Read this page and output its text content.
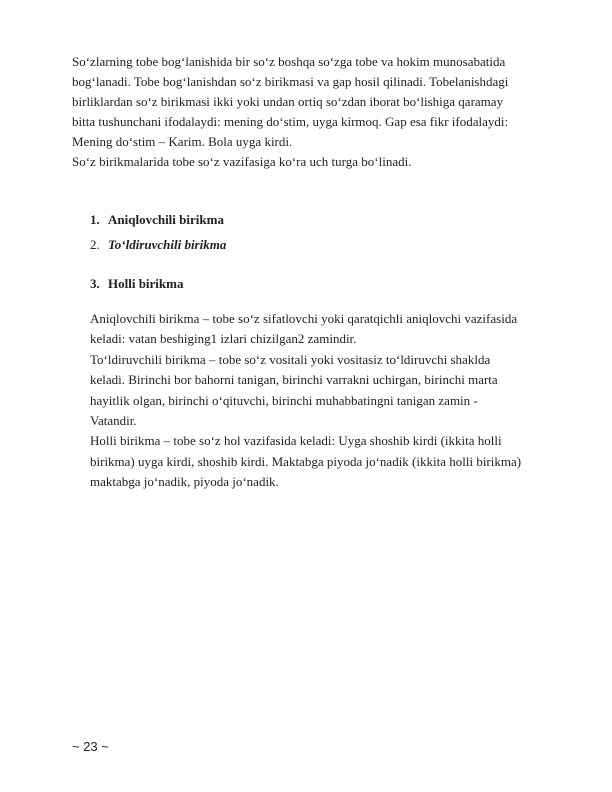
So‘zlarning tobe bog‘lanishida bir so‘z boshqa so‘zga tobe va hokim munosabatida
bog‘lanadi. Tobe bog‘lanishdan so‘z birikmasi va gap hosil qilinadi. Tobelanishdagi
birliklardan so‘z birikmasi ikki yoki undan ortiq so‘zdan iborat bo‘lishiga qaramay
bitta tushunchani ifodalaydi: mening do‘stim, uyga kirmoq. Gap esa fikr ifodalaydi:
Mening do‘stim – Karim. Bola uyga kirdi.
So‘z birikmalarida tobe so‘z vazifasiga ko‘ra uch turga bo‘linadi.
1. Aniqlovchili birikma
2. To‘ldiruvchili birikma
3. Holli birikma
Aniqlovchili birikma – tobe so‘z sifatlovchi yoki qaratqichli aniqlovchi vazifasida
keladi: vatan beshiging1 izlari chizilgan2 zamindir.
To‘ldiruvchili birikma – tobe so‘z vositali yoki vositasiz to‘ldiruvchi shaklda
keladi. Birinchi bor bahorni tanigan, birinchi varrakni uchirgan, birinchi marta
hayitlik olgan, birinchi o‘qituvchi, birinchi muhabbatingni tanigan zamin -
Vatandir.
Holli birikma – tobe so‘z hol vazifasida keladi: Uyga shoshib kirdi (ikkita holli
birikma) uyga kirdi, shoshib kirdi. Maktabga piyoda jo‘nadik (ikkita holli birikma)
maktabga jo‘nadik, piyoda jo‘nadik.
~ 23 ~
